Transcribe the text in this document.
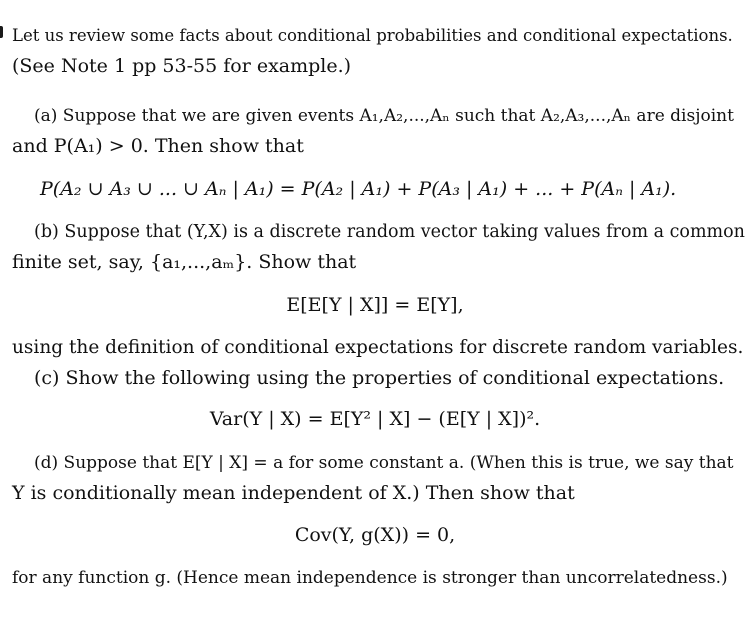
Let us review some facts about conditional probabilities and conditional expectations.
(See Note 1 pp 53-55 for example.)
(a) Suppose that we are given events A₁,A₂,...,Aₙ such that A₂,A₃,...,Aₙ are disjoint
and P(A₁) > 0. Then show that
P(A₂ ∪ A₃ ∪ ... ∪ Aₙ | A₁) = P(A₂ | A₁) + P(A₃ | A₁) + ... + P(Aₙ | A₁).
(b) Suppose that (Y,X) is a discrete random vector taking values from a common
finite set, say, {a₁,...,aₘ}. Show that
E[E[Y | X]] = E[Y],
using the definition of conditional expectations for discrete random variables.
(c) Show the following using the properties of conditional expectations.
Var(Y | X) = E[Y² | X] − (E[Y | X])².
(d) Suppose that E[Y | X] = a for some constant a. (When this is true, we say that
Y is conditionally mean independent of X.) Then show that
Cov(Y, g(X)) = 0,
for any function g. (Hence mean independence is stronger than uncorrelatedness.)
